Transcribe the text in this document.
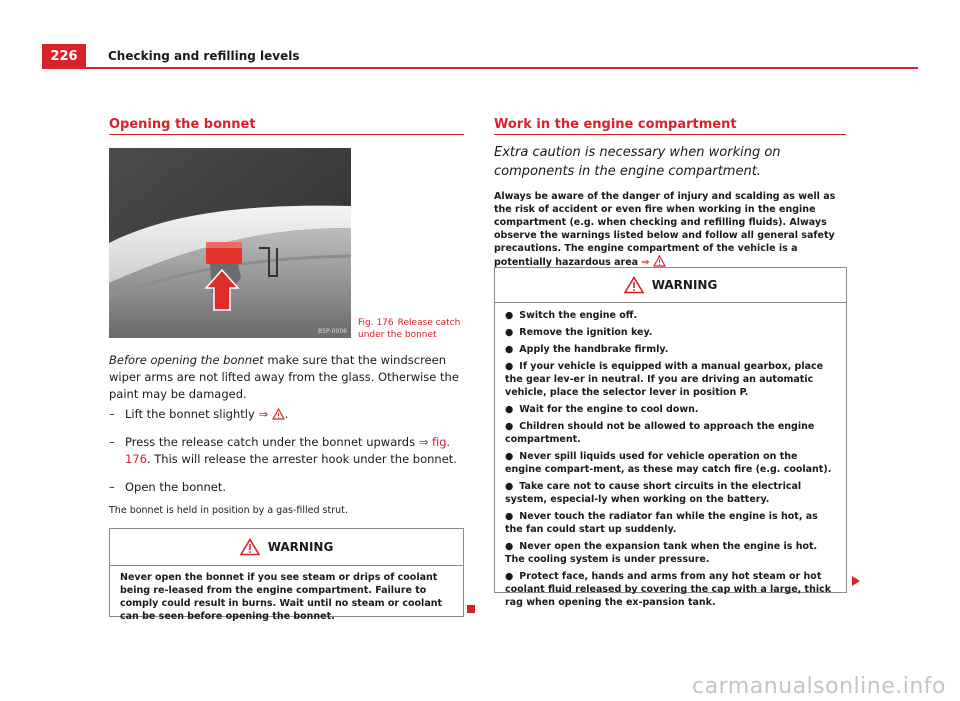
226	Checking and refilling levels
Opening the bonnet
B5P-0006
Fig. 176 Release catch under the bonnet
Before opening the bonnet make sure that the windscreen wiper arms are not lifted away from the glass. Otherwise the paint may be damaged.
– Lift the bonnet slightly ⇒ .
– Press the release catch under the bonnet upwards ⇒ fig. 176. This will release the arrester hook under the bonnet.
– Open the bonnet.
The bonnet is held in position by a gas-filled strut.
WARNING
Never open the bonnet if you see steam or drips of coolant being re-leased from the engine compartment. Failure to comply could result in burns. Wait until no steam or coolant can be seen before opening the bonnet.
Work in the engine compartment
Extra caution is necessary when working on components in the engine compartment.
Always be aware of the danger of injury and scalding as well as the risk of accident or even fire when working in the engine compartment (e.g. when checking and refilling fluids). Always observe the warnings listed below and follow all general safety precautions. The engine compartment of the vehicle is a potentially hazardous area ⇒
WARNING
● Switch the engine off.
● Remove the ignition key.
● Apply the handbrake firmly.
● If your vehicle is equipped with a manual gearbox, place the gear lev-er in neutral. If you are driving an automatic vehicle, place the selector lever in position P.
● Wait for the engine to cool down.
● Children should not be allowed to approach the engine compartment.
● Never spill liquids used for vehicle operation on the engine compart-ment, as these may catch fire (e.g. coolant).
● Take care not to cause short circuits in the electrical system, especial-ly when working on the battery.
● Never touch the radiator fan while the engine is hot, as the fan could start up suddenly.
● Never open the expansion tank when the engine is hot. The cooling system is under pressure.
● Protect face, hands and arms from any hot steam or hot coolant fluid released by covering the cap with a large, thick rag when opening the ex-pansion tank.
carmanualsonline.info
